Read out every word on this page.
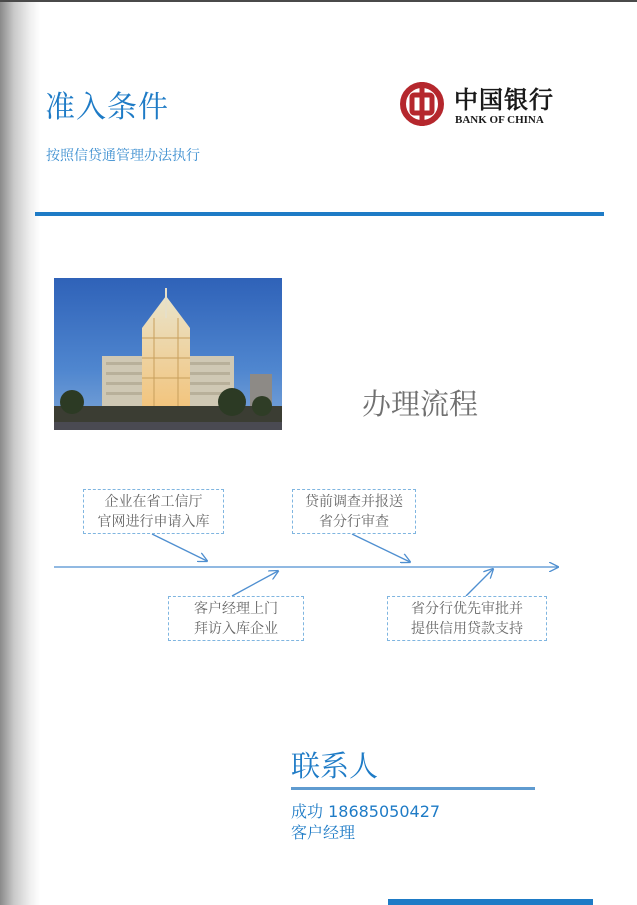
准入条件
按照信贷通管理办法执行
中国银行
BANK OF CHINA
办理流程
企业在省工信厅
官网进行申请入库
客户经理上门
拜访入库企业
贷前调查并报送
省分行审查
省分行优先审批并
提供信用贷款支持
联系人
成功 18685050427
客户经理
